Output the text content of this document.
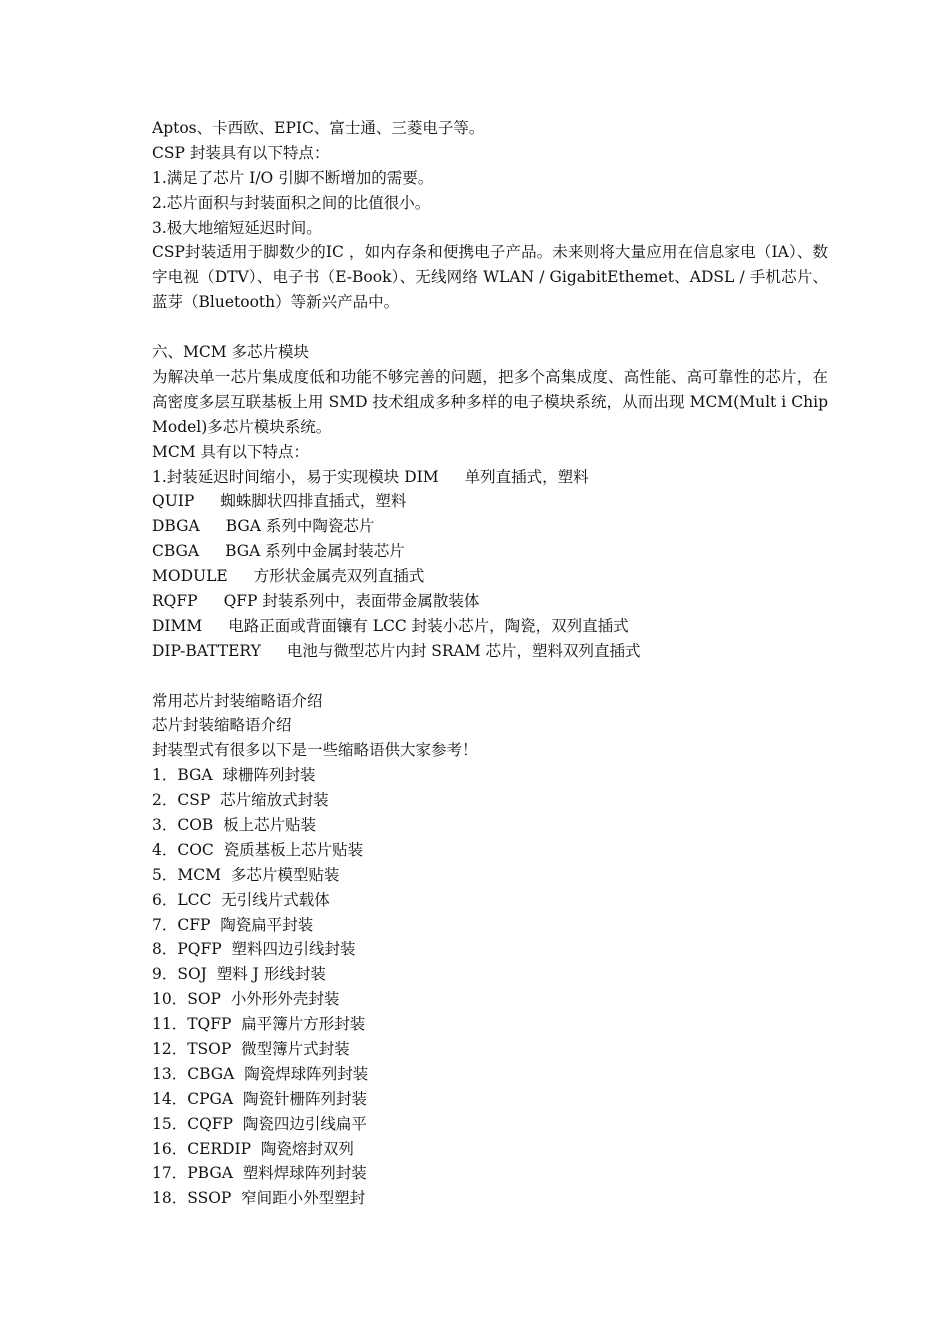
Aptos、卡西欧、EPIC、富士通、三菱电子等。
CSP 封装具有以下特点：
1.满足了芯片 I/O 引脚不断增加的需要。
2.芯片面积与封装面积之间的比值很小。
3.极大地缩短延迟时间。
CSP封装适用于脚数少的IC ，如内存条和便携电子产品。未来则将大量应用在信息家电（IA）、数字电视（DTV）、电子书（E-Book）、无线网络 WLAN / GigabitEthemet、ADSL / 手机芯片、蓝芽（Bluetooth）等新兴产品中。
六、MCM 多芯片模块
为解决单一芯片集成度低和功能不够完善的问题，把多个高集成度、高性能、高可靠性的芯片，在高密度多层互联基板上用 SMD 技术组成多种多样的电子模块系统，从而出现 MCM(Mult i Chip Model)多芯片模块系统。
MCM 具有以下特点：
1.封装延迟时间缩小，易于实现模块 DIM 单列直插式，塑料
QUIP 蜘蛛脚状四排直插式，塑料
DBGA BGA 系列中陶瓷芯片
CBGA BGA 系列中金属封装芯片
MODULE 方形状金属壳双列直插式
RQFP QFP 封装系列中，表面带金属散装体
DIMM 电路正面或背面镶有 LCC 封装小芯片，陶瓷，双列直插式
DIP-BATTERY 电池与微型芯片内封 SRAM 芯片，塑料双列直插式
常用芯片封装缩略语介绍
芯片封装缩略语介绍
封装型式有很多以下是一些缩略语供大家参考！
1．BGA  球栅阵列封装
2．CSP  芯片缩放式封装
3．COB  板上芯片贴装
4．COC  瓷质基板上芯片贴装
5．MCM  多芯片模型贴装
6．LCC  无引线片式载体
7．CFP  陶瓷扁平封装
8．PQFP  塑料四边引线封装
9．SOJ  塑料 J 形线封装
10．SOP  小外形外壳封装
11．TQFP  扁平簿片方形封装
12．TSOP  微型簿片式封装
13．CBGA  陶瓷焊球阵列封装
14．CPGA  陶瓷针栅阵列封装
15．CQFP  陶瓷四边引线扁平
16．CERDIP  陶瓷熔封双列
17．PBGA  塑料焊球阵列封装
18．SSOP  窄间距小外型塑封
